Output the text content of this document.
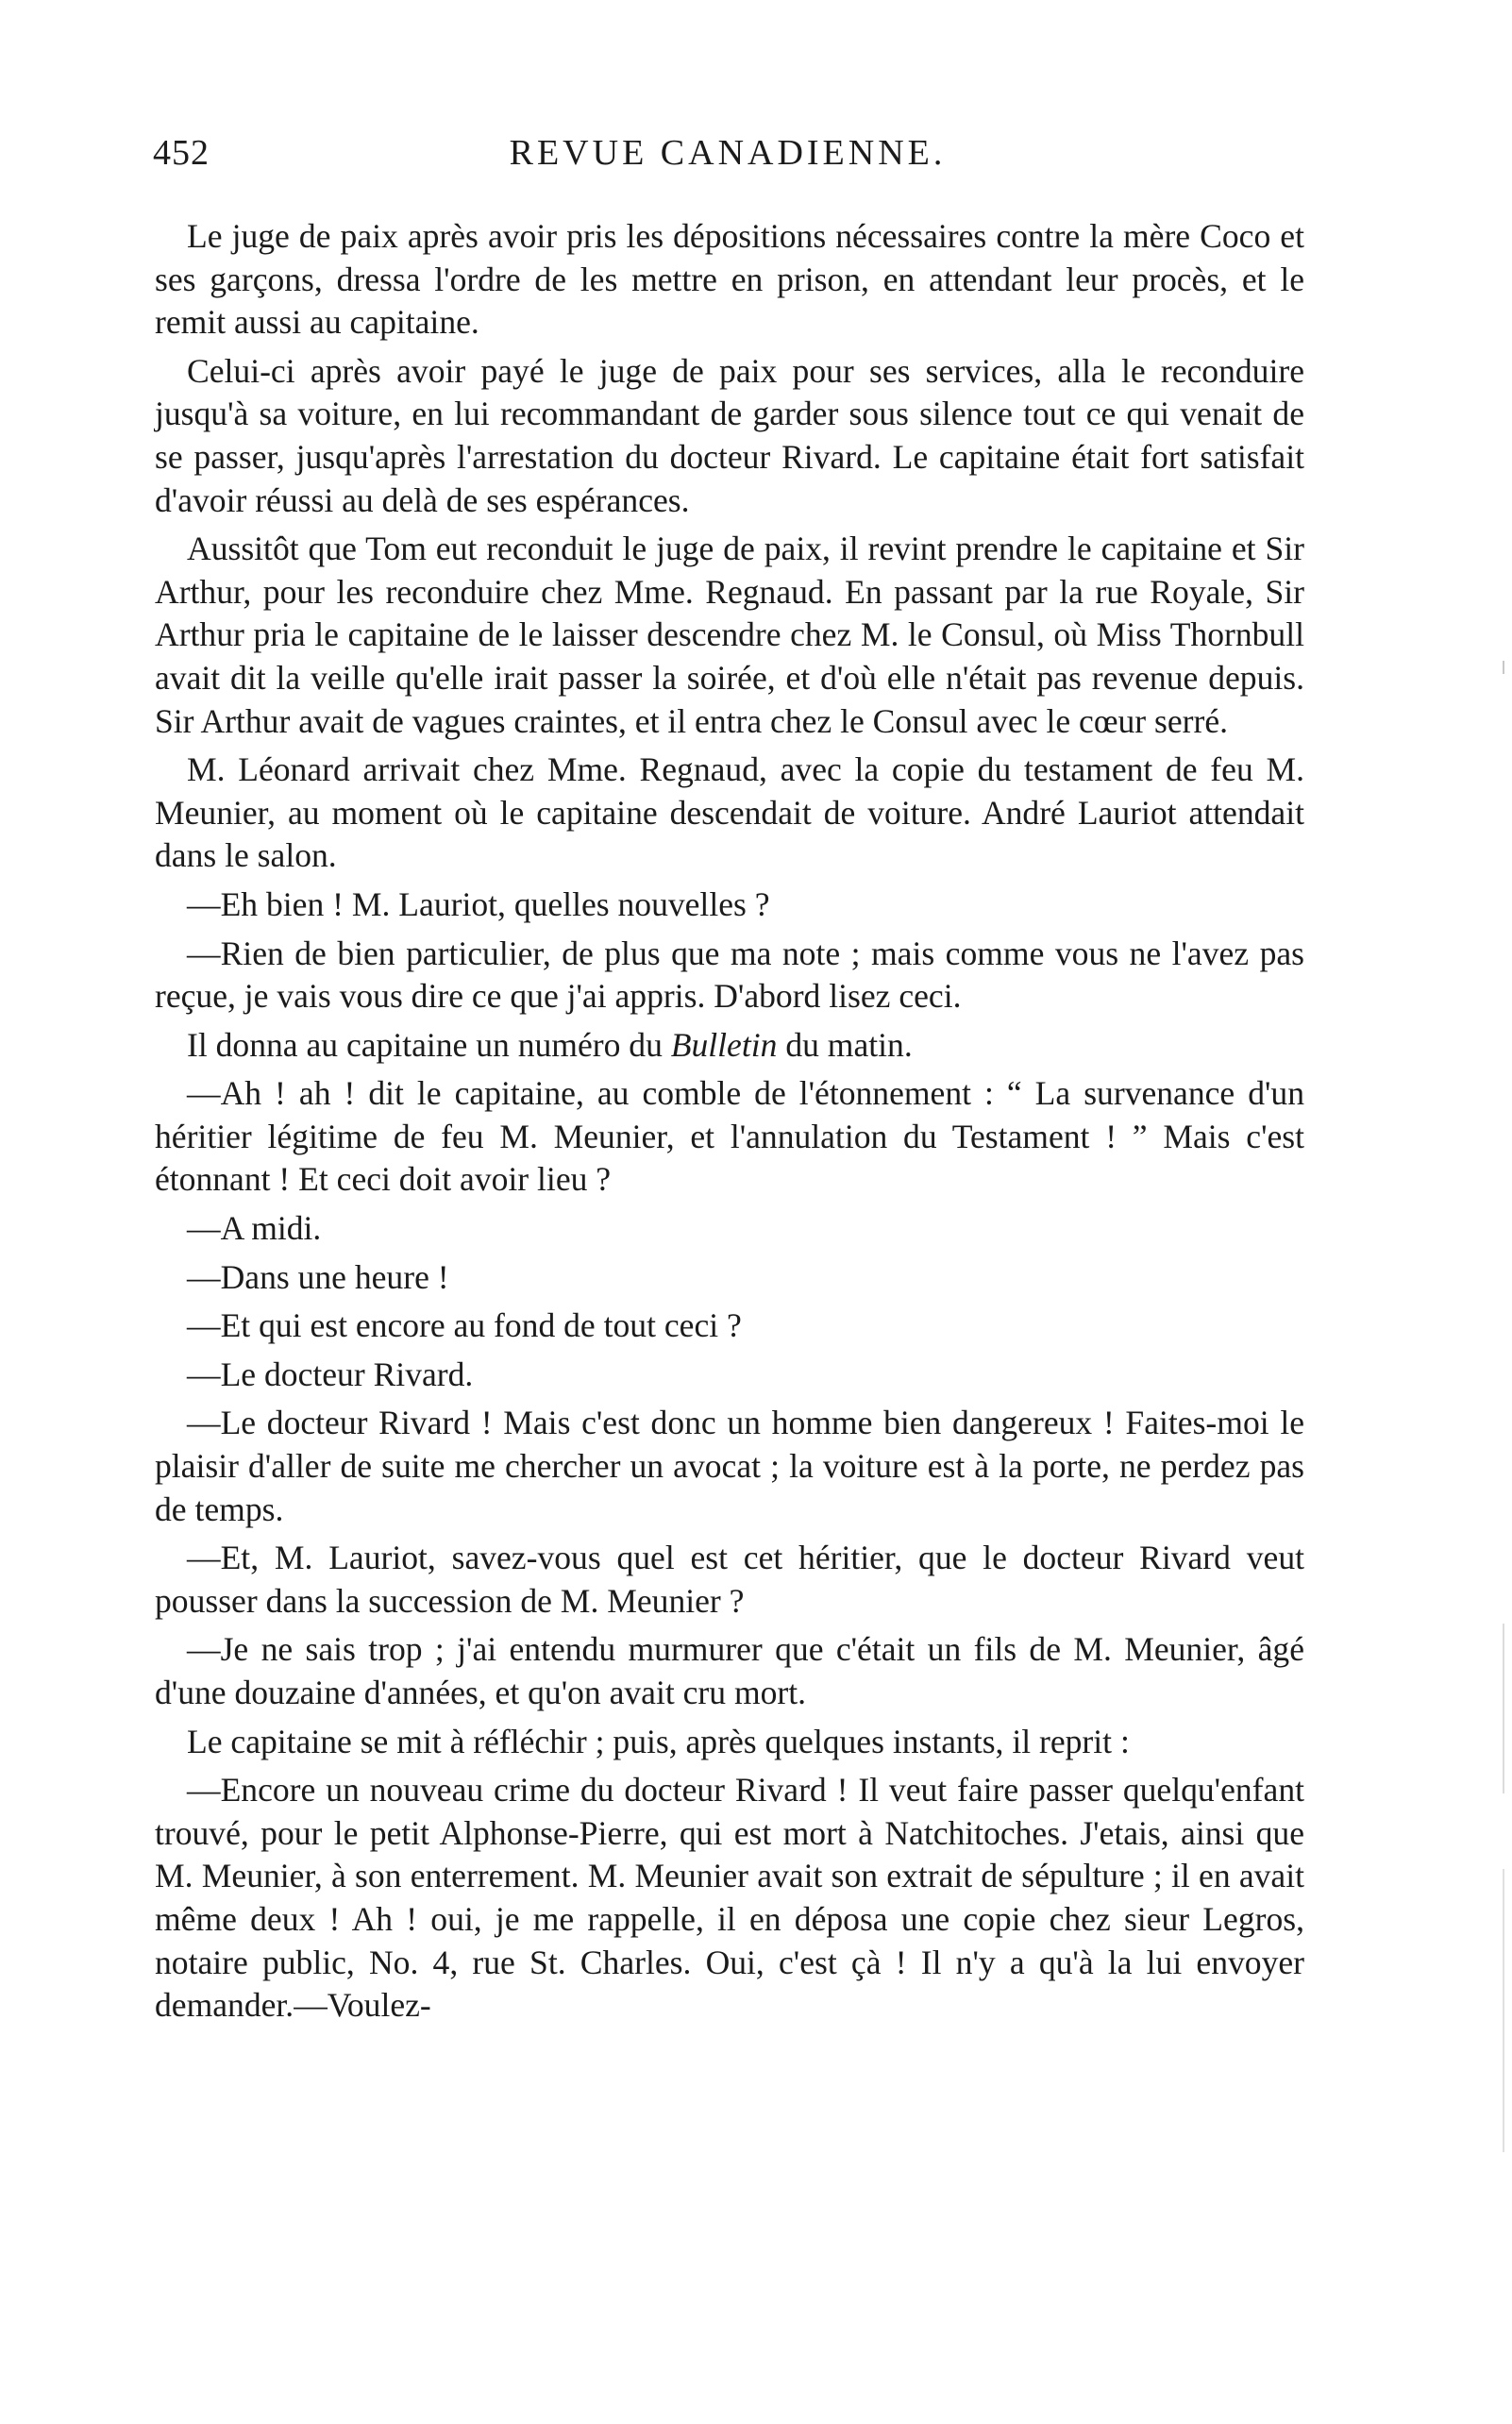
452	REVUE CANADIENNE.

Le juge de paix après avoir pris les dépositions nécessaires contre la mère Coco et ses garçons, dressa l'ordre de les mettre en prison, en attendant leur procès, et le remit aussi au capitaine.

Celui-ci après avoir payé le juge de paix pour ses services, alla le reconduire jusqu'à sa voiture, en lui recommandant de garder sous silence tout ce qui venait de se passer, jusqu'après l'arrestation du docteur Rivard. Le capitaine était fort satisfait d'avoir réussi au delà de ses espérances.

Aussitôt que Tom eut reconduit le juge de paix, il revint prendre le capitaine et Sir Arthur, pour les reconduire chez Mme. Regnaud. En passant par la rue Royale, Sir Arthur pria le capitaine de le laisser descendre chez M. le Consul, où Miss Thornbull avait dit la veille qu'elle irait passer la soirée, et d'où elle n'était pas revenue depuis. Sir Arthur avait de vagues craintes, et il entra chez le Consul avec le cœur serré.

M. Léonard arrivait chez Mme. Regnaud, avec la copie du testament de feu M. Meunier, au moment où le capitaine descendait de voiture. André Lauriot attendait dans le salon.

—Eh bien ! M. Lauriot, quelles nouvelles ?

—Rien de bien particulier, de plus que ma note ; mais comme vous ne l'avez pas reçue, je vais vous dire ce que j'ai appris. D'abord lisez ceci.

Il donna au capitaine un numéro du Bulletin du matin.

—Ah ! ah ! dit le capitaine, au comble de l'étonnement : “ La survenance d'un héritier légitime de feu M. Meunier, et l'annulation du Testament ! ” Mais c'est étonnant ! Et ceci doit avoir lieu ?

—A midi.

—Dans une heure !

—Et qui est encore au fond de tout ceci ?

—Le docteur Rivard.

—Le docteur Rivard ! Mais c'est donc un homme bien dangereux ! Faites-moi le plaisir d'aller de suite me chercher un avocat ; la voiture est à la porte, ne perdez pas de temps.

—Et, M. Lauriot, savez-vous quel est cet héritier, que le docteur Rivard veut pousser dans la succession de M. Meunier ?

—Je ne sais trop ; j'ai entendu murmurer que c'était un fils de M. Meunier, âgé d'une douzaine d'années, et qu'on avait cru mort.

Le capitaine se mit à réfléchir ; puis, après quelques instants, il reprit :

—Encore un nouveau crime du docteur Rivard ! Il veut faire passer quelqu'enfant trouvé, pour le petit Alphonse-Pierre, qui est mort à Natchitoches. J'etais, ainsi que M. Meunier, à son enterrement. M. Meunier avait son extrait de sépulture ; il en avait même deux ! Ah ! oui, je me rappelle, il en déposa une copie chez sieur Legros, notaire public, No. 4, rue St. Charles. Oui, c'est çà ! Il n'y a qu'à la lui envoyer demander.—Voulez-
